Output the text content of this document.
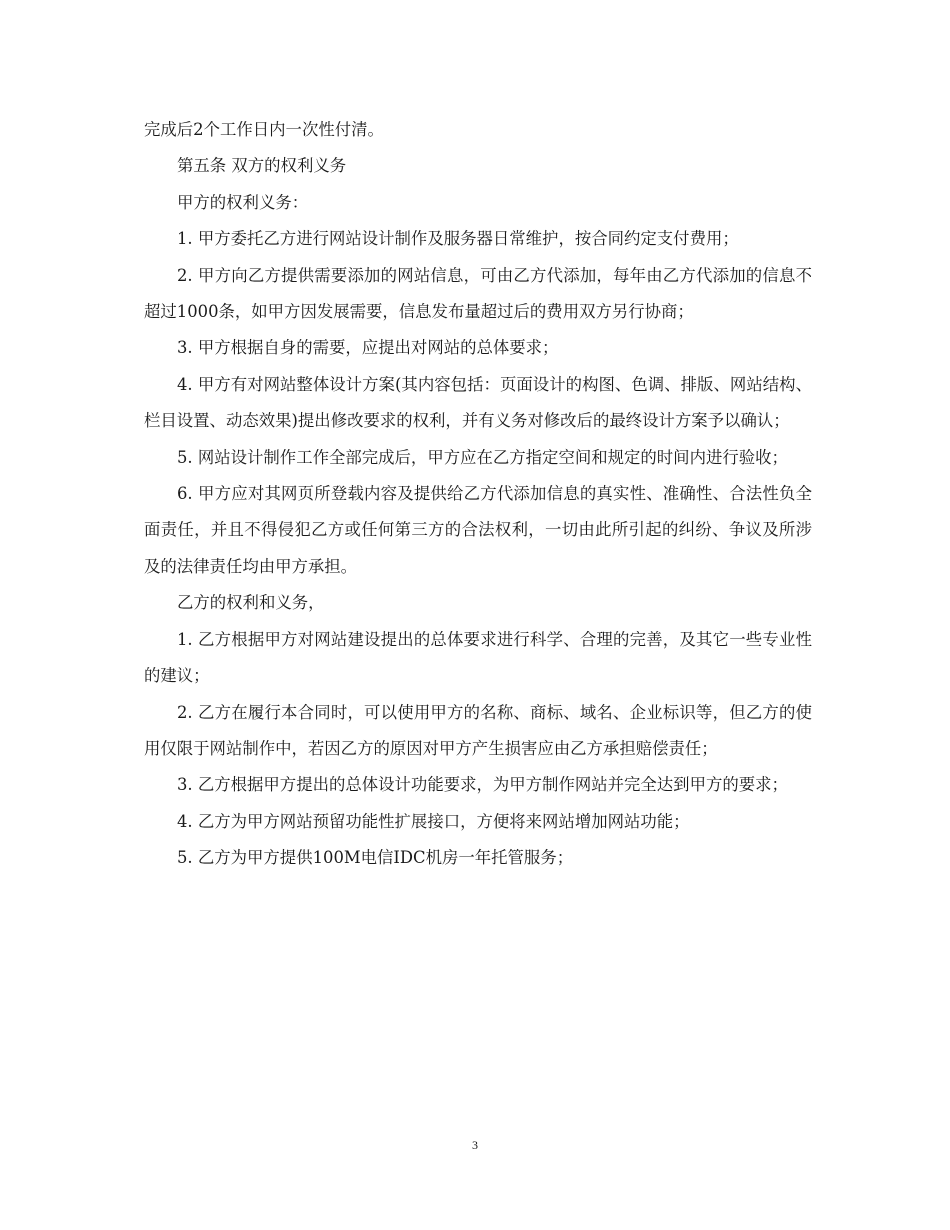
完成后2个工作日内一次性付清。

第五条 双方的权利义务

甲方的权利义务：

1. 甲方委托乙方进行网站设计制作及服务器日常维护，按合同约定支付费用；

2. 甲方向乙方提供需要添加的网站信息，可由乙方代添加，每年由乙方代添加的信息不超过1000条，如甲方因发展需要，信息发布量超过后的费用双方另行协商；

3. 甲方根据自身的需要，应提出对网站的总体要求；

4. 甲方有对网站整体设计方案(其内容包括：页面设计的构图、色调、排版、网站结构、栏目设置、动态效果)提出修改要求的权利，并有义务对修改后的最终设计方案予以确认；

5. 网站设计制作工作全部完成后，甲方应在乙方指定空间和规定的时间内进行验收；

6. 甲方应对其网页所登载内容及提供给乙方代添加信息的真实性、准确性、合法性负全面责任，并且不得侵犯乙方或任何第三方的合法权利，一切由此所引起的纠纷、争议及所涉及的法律责任均由甲方承担。

乙方的权利和义务，

1. 乙方根据甲方对网站建设提出的总体要求进行科学、合理的完善，及其它一些专业性的建议；

2. 乙方在履行本合同时，可以使用甲方的名称、商标、域名、企业标识等，但乙方的使用仅限于网站制作中，若因乙方的原因对甲方产生损害应由乙方承担赔偿责任；

3. 乙方根据甲方提出的总体设计功能要求，为甲方制作网站并完全达到甲方的要求；

4. 乙方为甲方网站预留功能性扩展接口，方便将来网站增加网站功能；

5. 乙方为甲方提供100M电信IDC机房一年托管服务；

3
